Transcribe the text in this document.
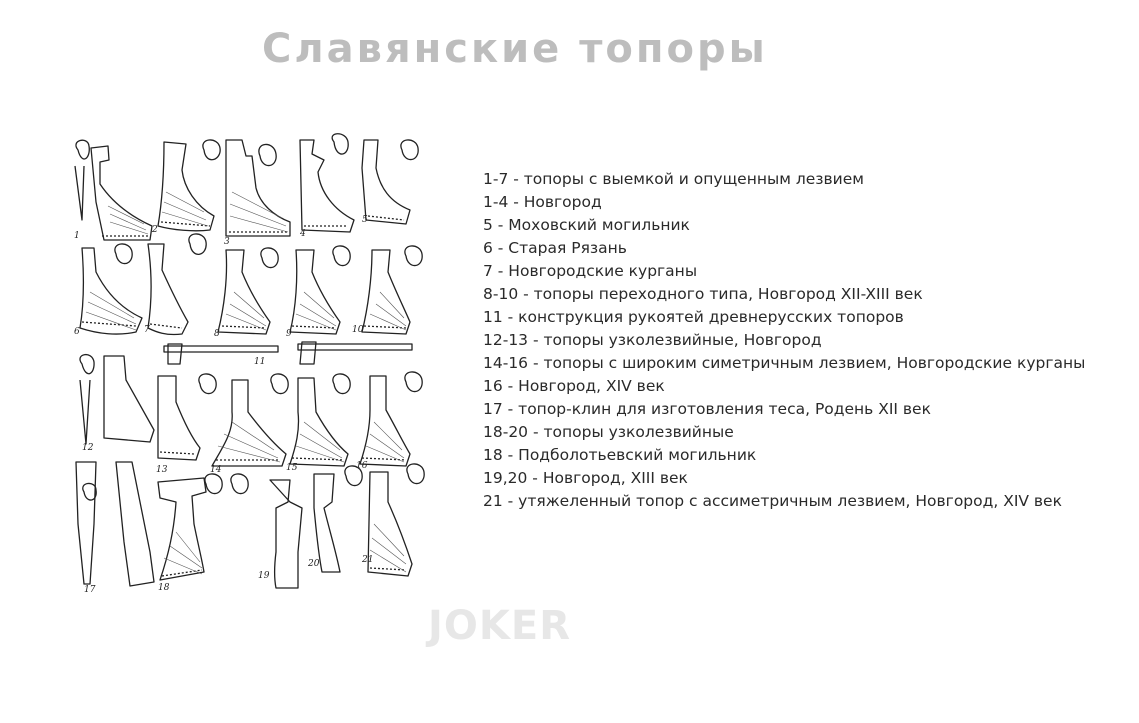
Славянские топоры
1
2
3
4
5
6	7	8	9	10
11
12
13	14	15	16
17	18
19
20	21
1-7 - топоры с выемкой и опущенным лезвием
1-4 - Новгород
5 - Моховский могильник
6 - Старая Рязань
7 - Новгородские курганы
8-10 - топоры переходного типа, Новгород XII-XIII век
11 - конструкция рукоятей древнерусских топоров
12-13 - топоры узколезвийные, Новгород
14-16 - топоры с широким симетричным лезвием, Новгородские курганы
16 - Новгород, XIV век
17 - топор-клин для изготовления теса, Родень XII век
18-20 - топоры узколезвийные
18 - Подболотьевский могильник
19,20 - Новгород, XIII век
21 - утяжеленный топор с ассиметричным лезвием, Новгород, XIV век
JOKER
